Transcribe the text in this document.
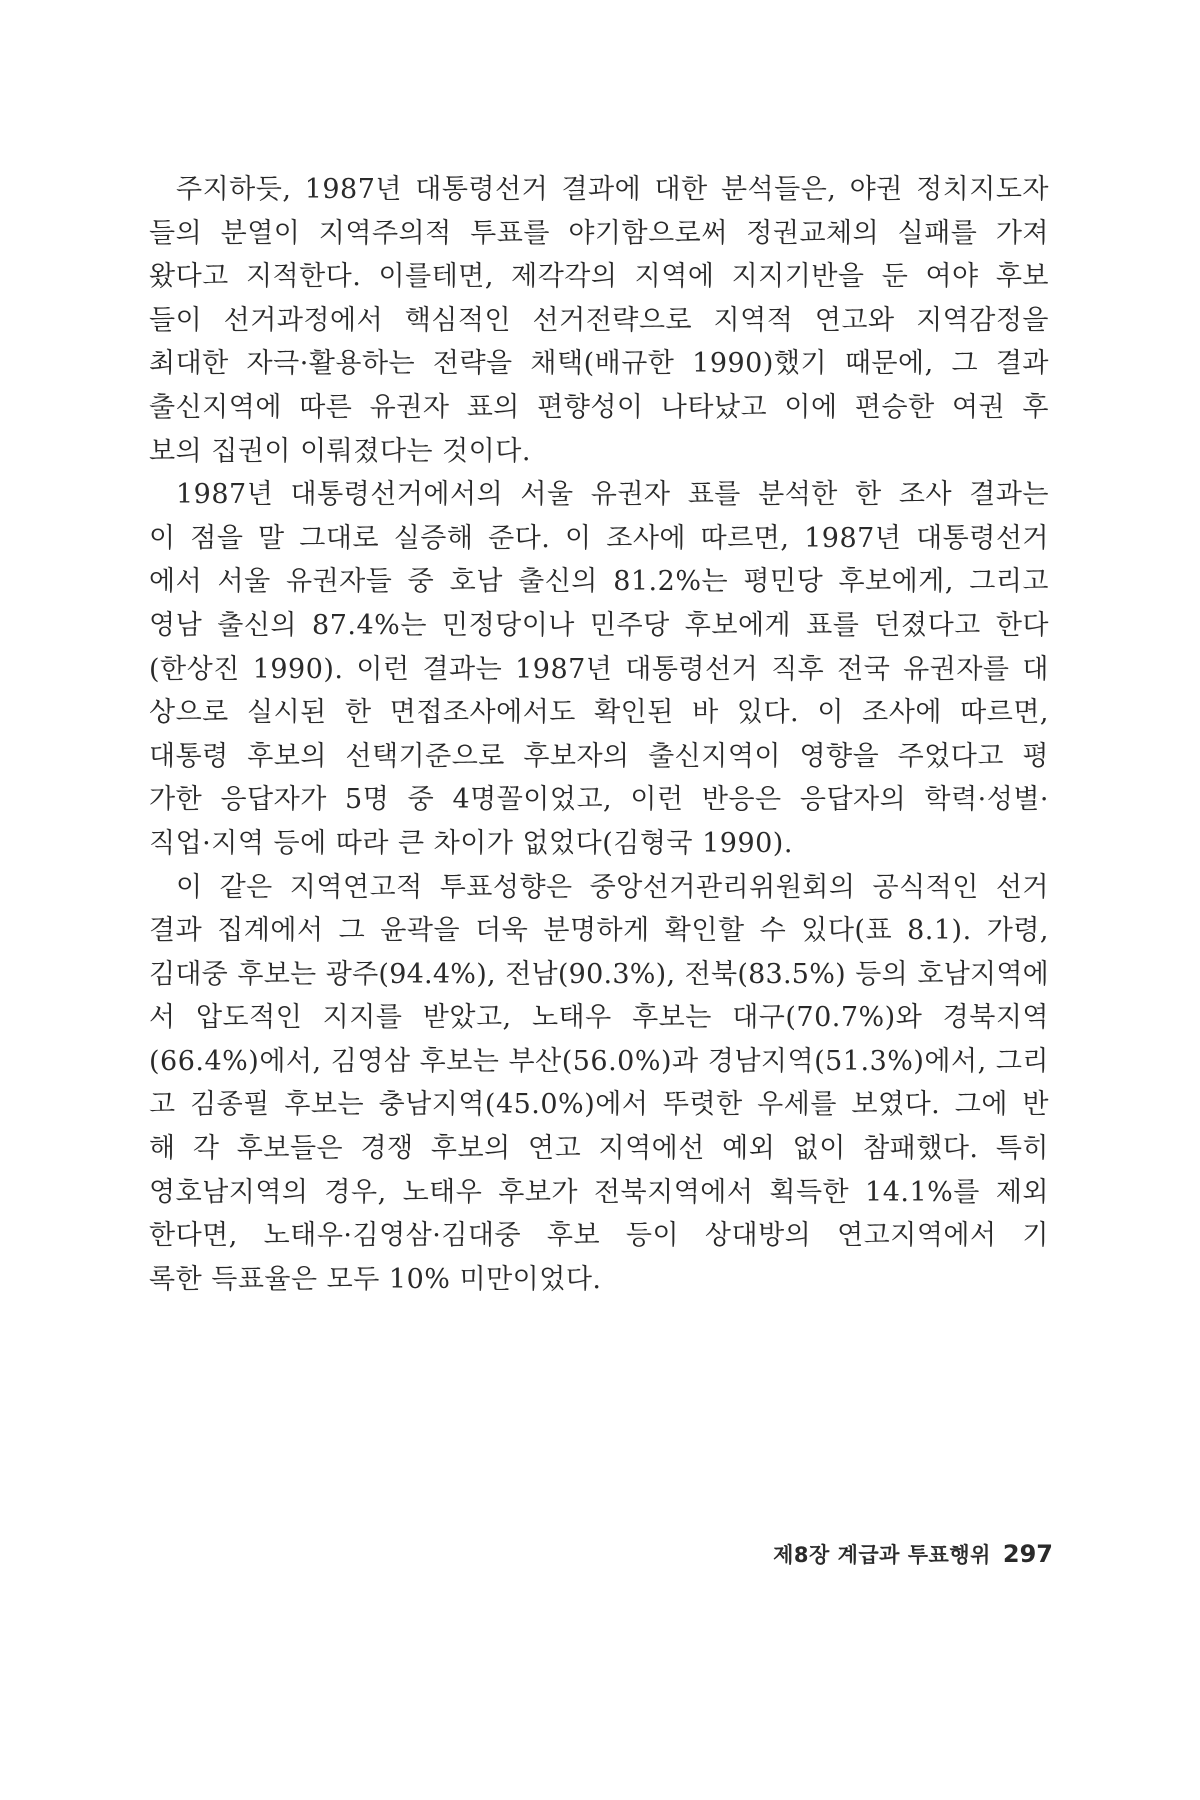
주지하듯, 1987년 대통령선거 결과에 대한 분석들은, 야권 정치지도자
들의 분열이 지역주의적 투표를 야기함으로써 정권교체의 실패를 가져
왔다고 지적한다. 이를테면, 제각각의 지역에 지지기반을 둔 여야 후보
들이 선거과정에서 핵심적인 선거전략으로 지역적 연고와 지역감정을
최대한 자극·활용하는 전략을 채택(배규한 1990)했기 때문에, 그 결과
출신지역에 따른 유권자 표의 편향성이 나타났고 이에 편승한 여권 후
보의 집권이 이뤄졌다는 것이다.

1987년 대통령선거에서의 서울 유권자 표를 분석한 한 조사 결과는
이 점을 말 그대로 실증해 준다. 이 조사에 따르면, 1987년 대통령선거
에서 서울 유권자들 중 호남 출신의 81.2%는 평민당 후보에게, 그리고
영남 출신의 87.4%는 민정당이나 민주당 후보에게 표를 던졌다고 한다
(한상진 1990). 이런 결과는 1987년 대통령선거 직후 전국 유권자를 대
상으로 실시된 한 면접조사에서도 확인된 바 있다. 이 조사에 따르면,
대통령 후보의 선택기준으로 후보자의 출신지역이 영향을 주었다고 평
가한 응답자가 5명 중 4명꼴이었고, 이런 반응은 응답자의 학력·성별·
직업·지역 등에 따라 큰 차이가 없었다(김형국 1990).

이 같은 지역연고적 투표성향은 중앙선거관리위원회의 공식적인 선거
결과 집계에서 그 윤곽을 더욱 분명하게 확인할 수 있다(표 8.1). 가령,
김대중 후보는 광주(94.4%), 전남(90.3%), 전북(83.5%) 등의 호남지역에
서 압도적인 지지를 받았고, 노태우 후보는 대구(70.7%)와 경북지역
(66.4%)에서, 김영삼 후보는 부산(56.0%)과 경남지역(51.3%)에서, 그리
고 김종필 후보는 충남지역(45.0%)에서 뚜렷한 우세를 보였다. 그에 반
해 각 후보들은 경쟁 후보의 연고 지역에선 예외 없이 참패했다. 특히
영호남지역의 경우, 노태우 후보가 전북지역에서 획득한 14.1%를 제외
한다면, 노태우·김영삼·김대중 후보 등이 상대방의 연고지역에서 기
록한 득표율은 모두 10% 미만이었다.

제8장 계급과 투표행위 297
